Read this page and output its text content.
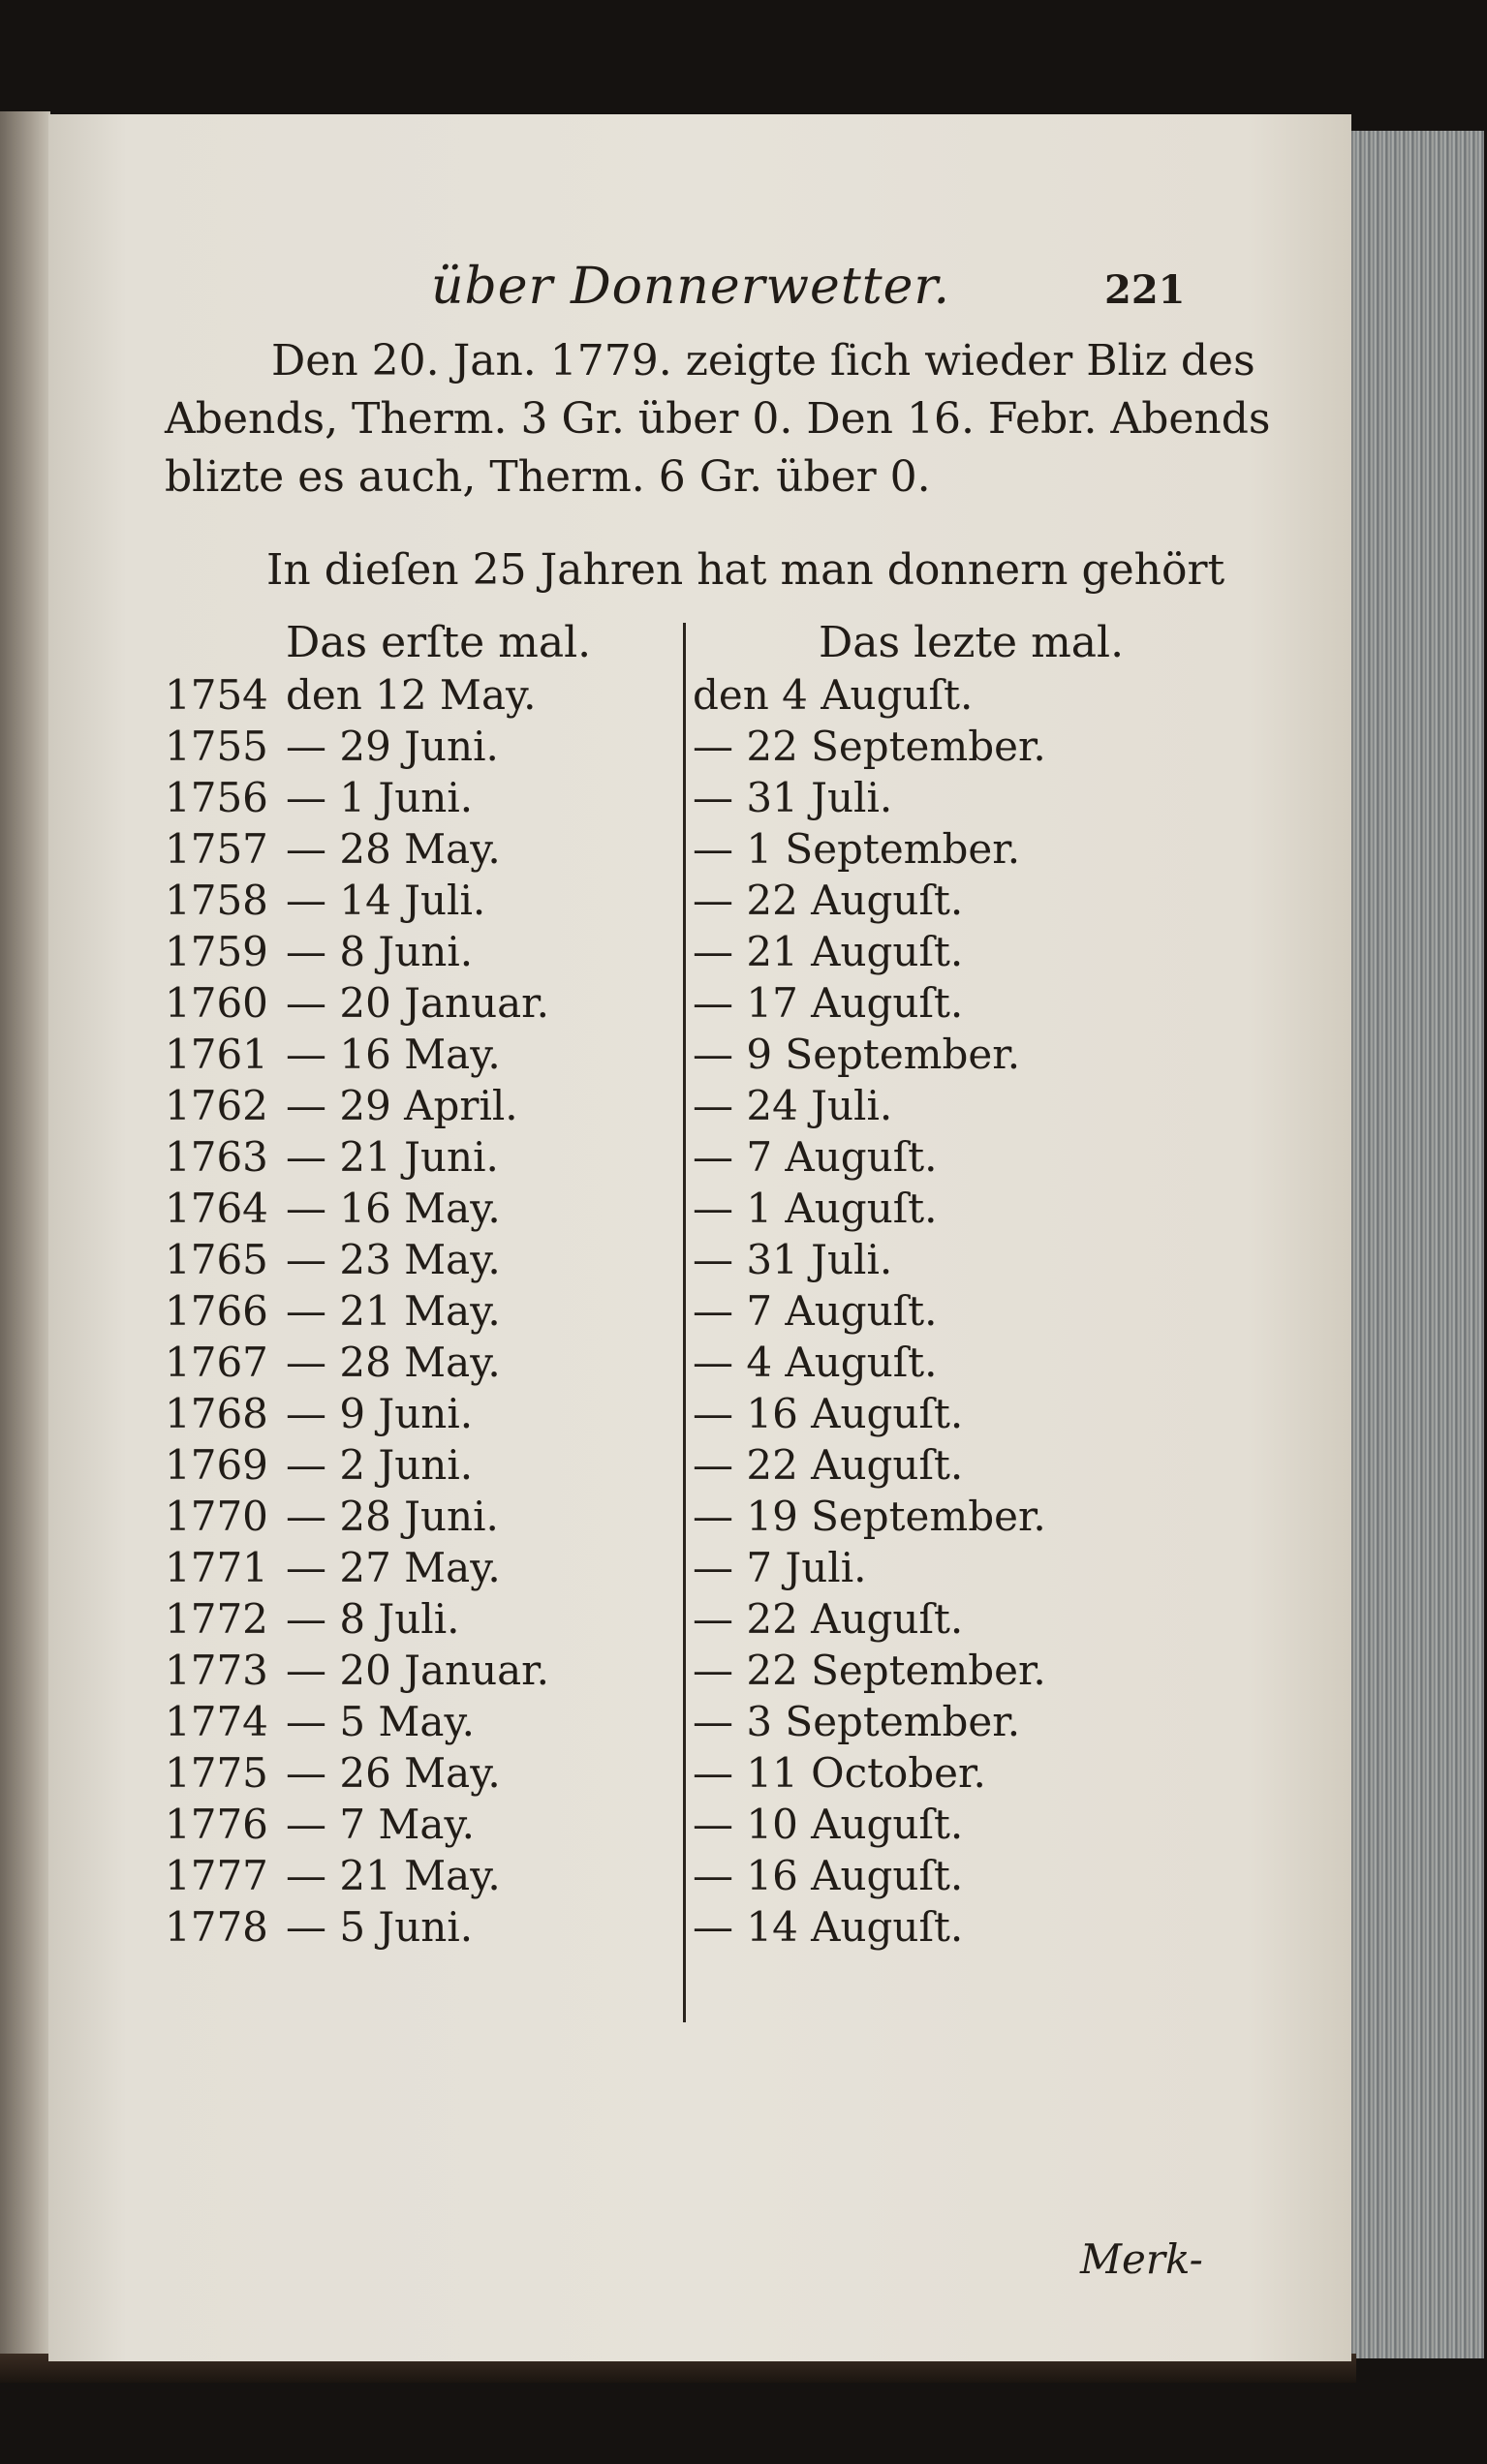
über Donnerwetter.	221
Den 20. Jan. 1779. zeigte ſich wieder Bliz des
Abends, Therm. 3 Gr. über 0. Den 16. Febr. Abends
blizte es auch, Therm. 6 Gr. über 0.
In dieſen 25 Jahren hat man donnern gehört
Das erſte mal.	Das lezte mal.
1754 den 12 May.	den 4 Auguſt.
1755 — 29 Juni.	— 22 September.
1756 — 1 Juni.	— 31 Juli.
1757 — 28 May.	— 1 September.
1758 — 14 Juli.	— 22 Auguſt.
1759 — 8 Juni.	— 21 Auguſt.
1760 — 20 Januar.	— 17 Auguſt.
1761 — 16 May.	— 9 September.
1762 — 29 April.	— 24 Juli.
1763 — 21 Juni.	— 7 Auguſt.
1764 — 16 May.	— 1 Auguſt.
1765 — 23 May.	— 31 Juli.
1766 — 21 May.	— 7 Auguſt.
1767 — 28 May.	— 4 Auguſt.
1768 — 9 Juni.	— 16 Auguſt.
1769 — 2 Juni.	— 22 Auguſt.
1770 — 28 Juni.	— 19 September.
1771 — 27 May.	— 7 Juli.
1772 — 8 Juli.	— 22 Auguſt.
1773 — 20 Januar.	— 22 September.
1774 — 5 May.	— 3 September.
1775 — 26 May.	— 11 October.
1776 — 7 May.	— 10 Auguſt.
1777 — 21 May.	— 16 Auguſt.
1778 — 5 Juni.	— 14 Auguſt.
Merk-
